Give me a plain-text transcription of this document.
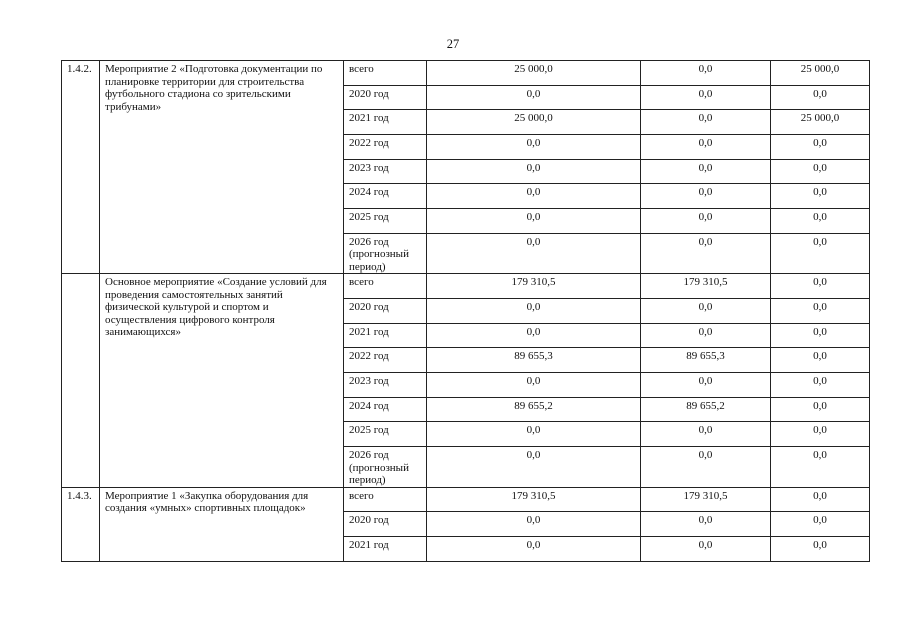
27
1.4.2.	Мероприятие 2 «Подготовка документации по планировке территории для строительства футбольного стадиона со зрительскими трибунами»	всего	25 000,0	0,0	25 000,0
		2020 год	0,0	0,0	0,0
		2021 год	25 000,0	0,0	25 000,0
		2022 год	0,0	0,0	0,0
		2023 год	0,0	0,0	0,0
		2024 год	0,0	0,0	0,0
		2025 год	0,0	0,0	0,0
		2026 год (прогнозный период)	0,0	0,0	0,0
	Основное мероприятие «Создание условий для проведения самостоятельных занятий физической культурой и спортом и осуществления цифрового контроля занимающихся»	всего	179 310,5	179 310,5	0,0
		2020 год	0,0	0,0	0,0
		2021 год	0,0	0,0	0,0
		2022 год	89 655,3	89 655,3	0,0
		2023 год	0,0	0,0	0,0
		2024 год	89 655,2	89 655,2	0,0
		2025 год	0,0	0,0	0,0
		2026 год (прогнозный период)	0,0	0,0	0,0
1.4.3.	Мероприятие 1 «Закупка оборудования для создания «умных» спортивных площадок»	всего	179 310,5	179 310,5	0,0
		2020 год	0,0	0,0	0,0
		2021 год	0,0	0,0	0,0
